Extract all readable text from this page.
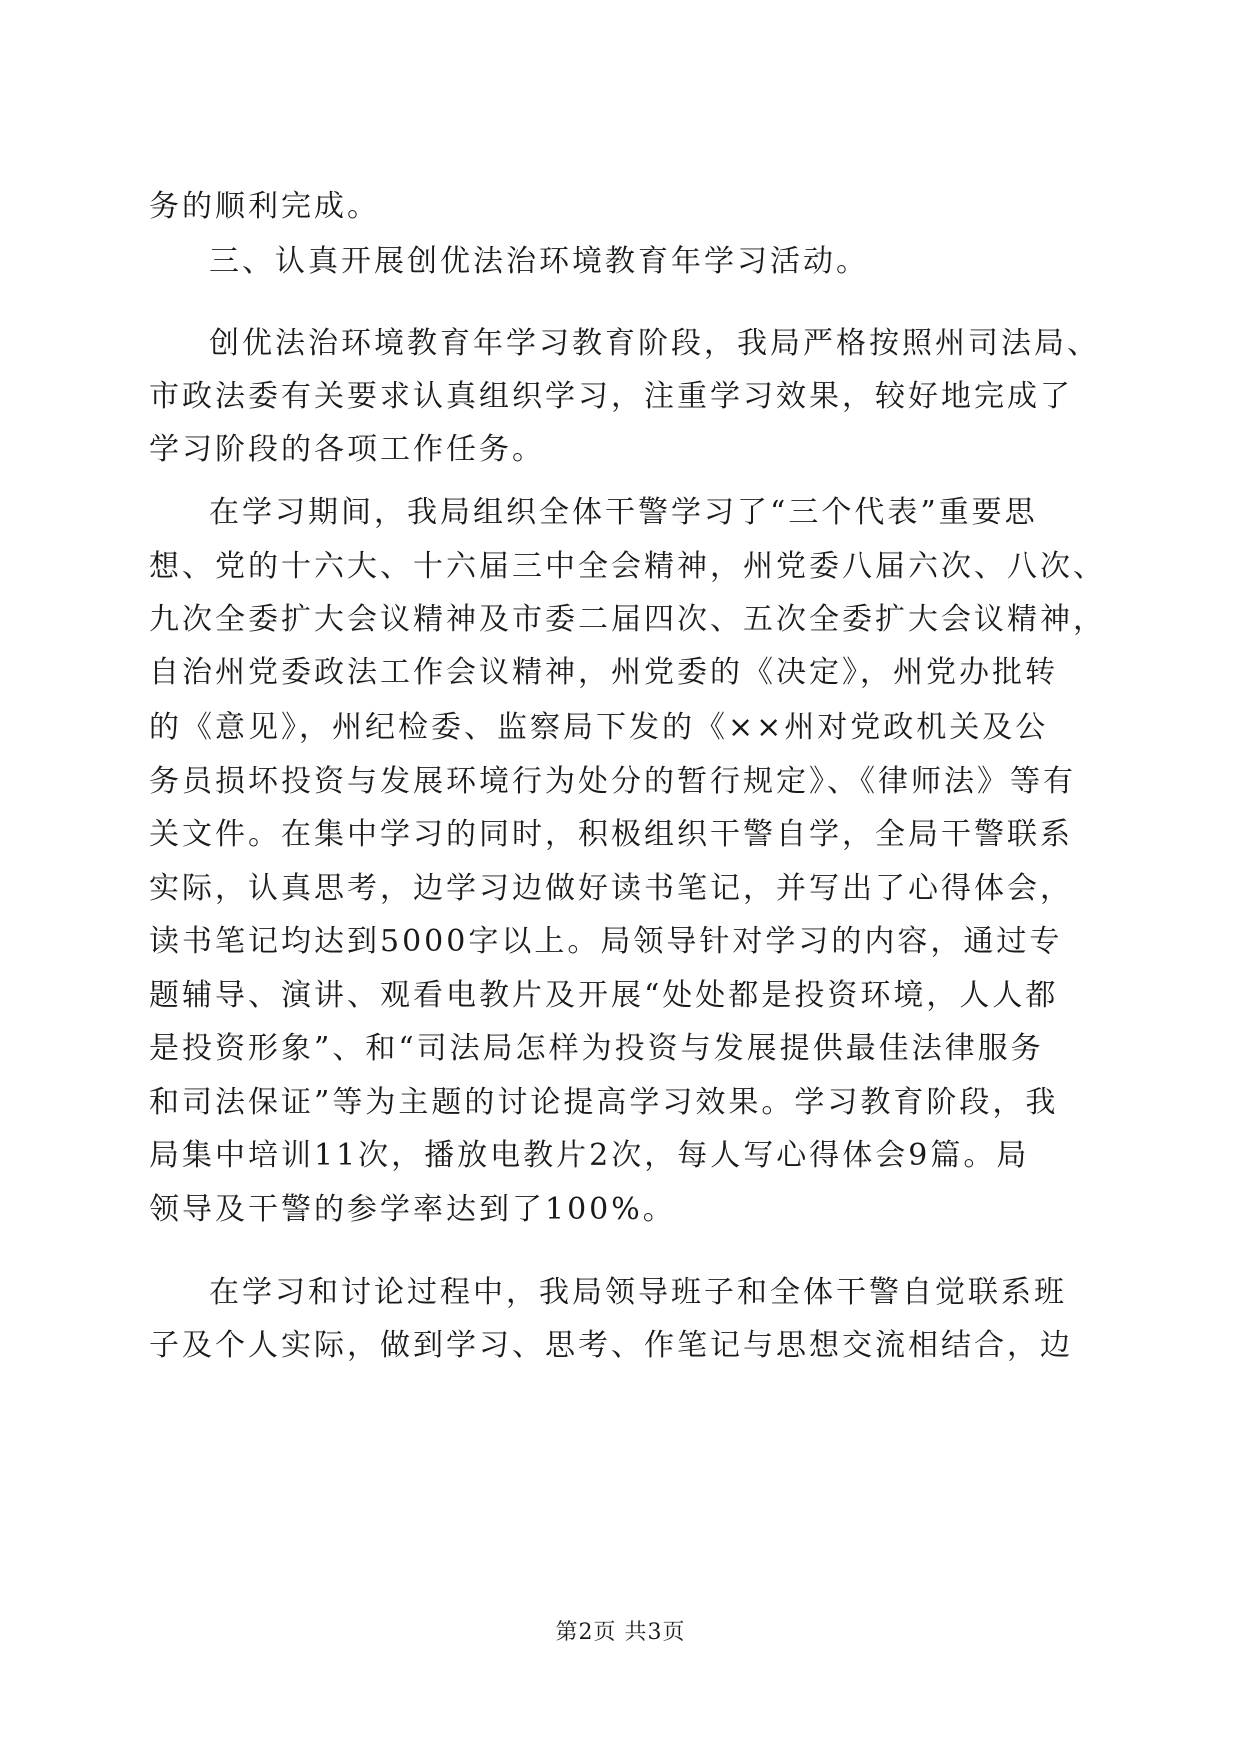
务的顺利完成。
三、认真开展创优法治环境教育年学习活动。
创优法治环境教育年学习教育阶段，我局严格按照州司法局、
市政法委有关要求认真组织学习，注重学习效果，较好地完成了
学习阶段的各项工作任务。
在学习期间，我局组织全体干警学习了“三个代表”重要思
想、党的十六大、十六届三中全会精神，州党委八届六次、八次、
九次全委扩大会议精神及市委二届四次、五次全委扩大会议精神，
自治州党委政法工作会议精神，州党委的《决定》，州党办批转
的《意见》，州纪检委、监察局下发的《××州对党政机关及公
务员损坏投资与发展环境行为处分的暂行规定》、《律师法》等有
关文件。在集中学习的同时，积极组织干警自学，全局干警联系
实际，认真思考，边学习边做好读书笔记，并写出了心得体会，
读书笔记均达到5000字以上。局领导针对学习的内容，通过专
题辅导、演讲、观看电教片及开展“处处都是投资环境，人人都
是投资形象”、和“司法局怎样为投资与发展提供最佳法律服务
和司法保证”等为主题的讨论提高学习效果。学习教育阶段，我
局集中培训11次，播放电教片2次，每人写心得体会9篇。局
领导及干警的参学率达到了100%。
在学习和讨论过程中，我局领导班子和全体干警自觉联系班
子及个人实际，做到学习、思考、作笔记与思想交流相结合，边
第2页 共3页
